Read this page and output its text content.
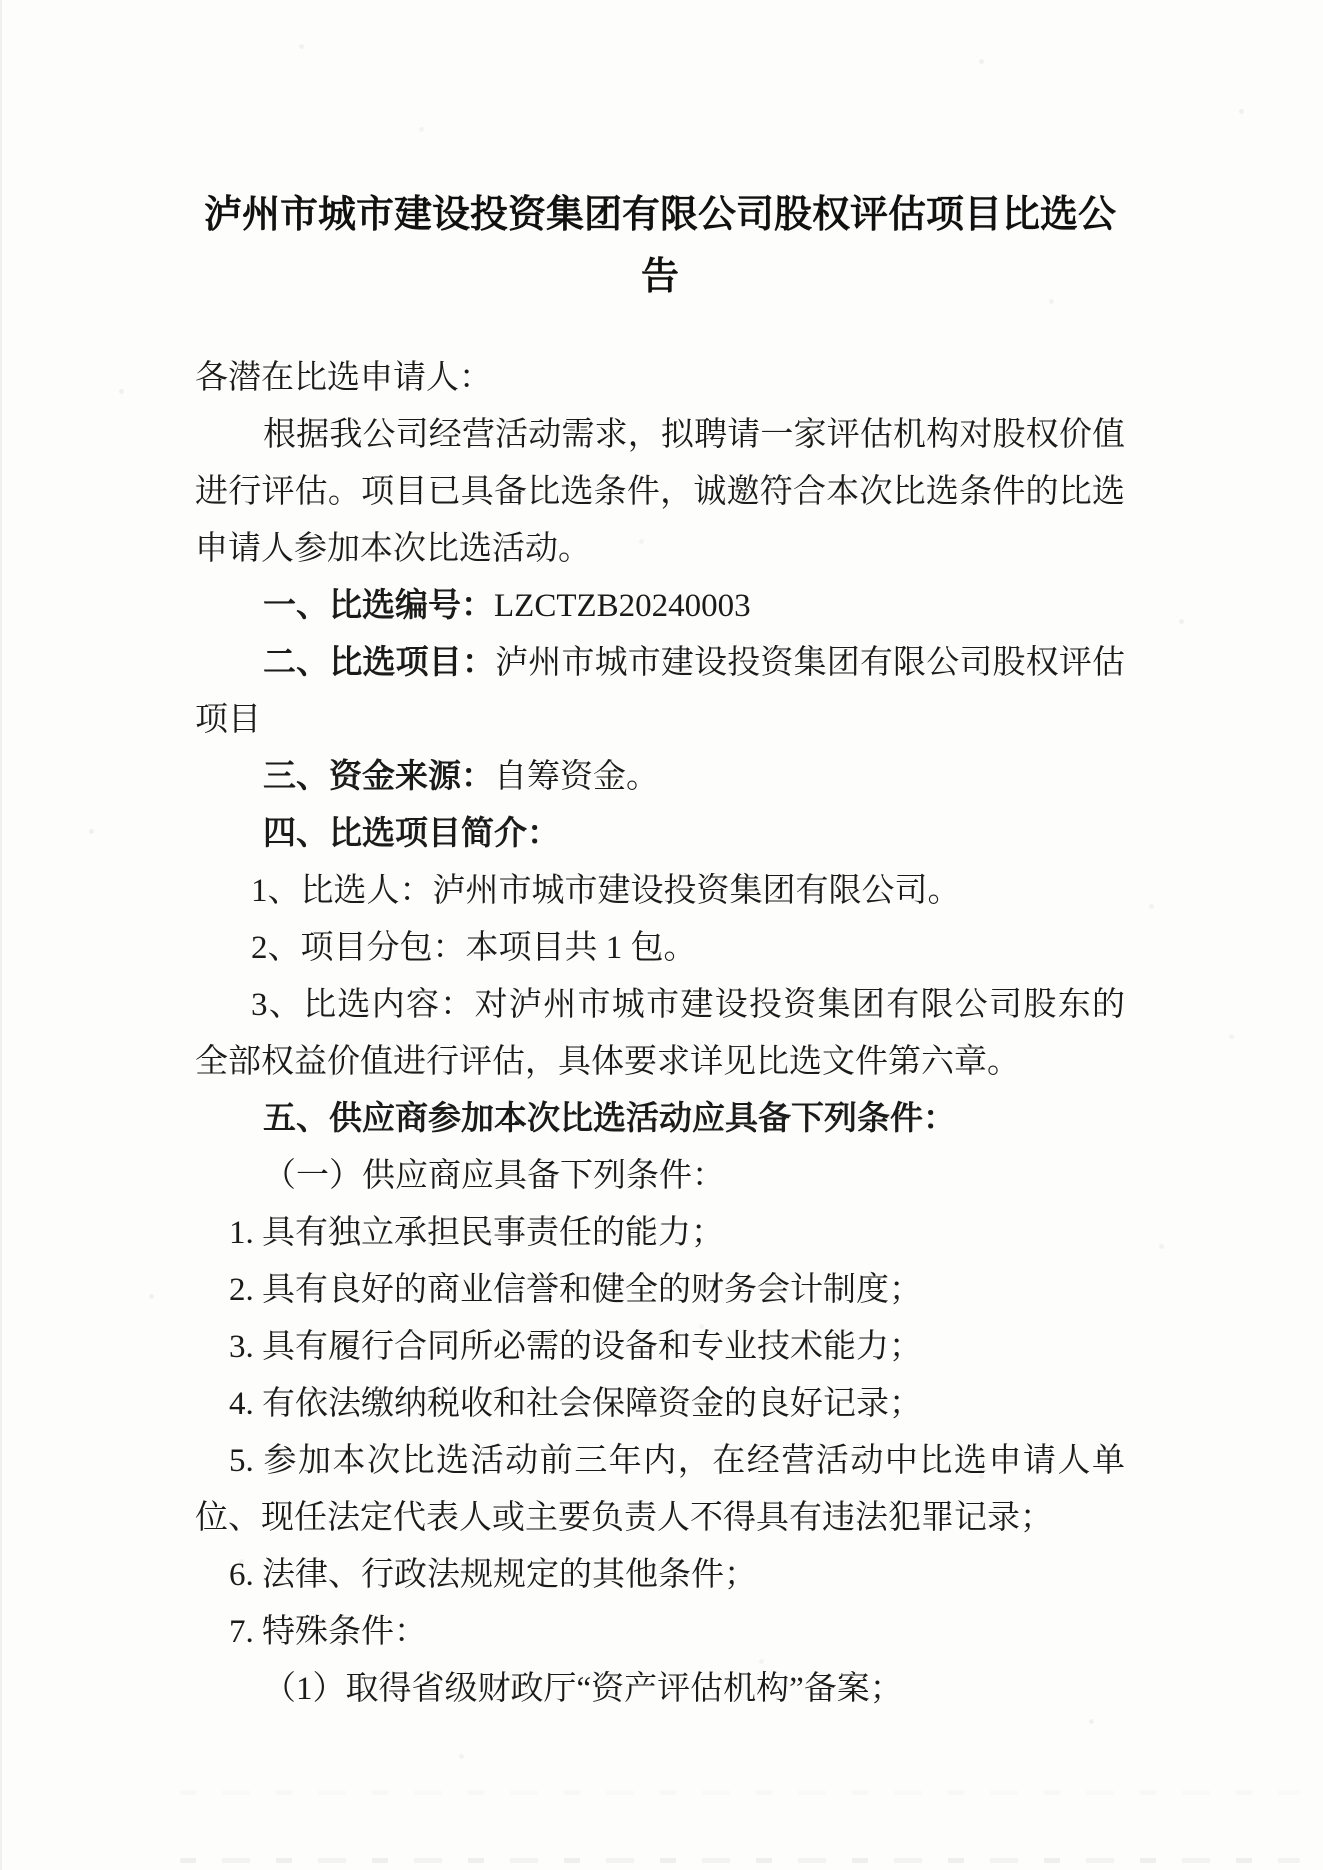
泸州市城市建设投资集团有限公司股权评估项目比选公告
各潜在比选申请人：
根据我公司经营活动需求，拟聘请一家评估机构对股权价值
进行评估。项目已具备比选条件，诚邀符合本次比选条件的比选
申请人参加本次比选活动。
一、比选编号：LZCTZB20240003
二、比选项目：泸州市城市建设投资集团有限公司股权评估
项目
三、资金来源：自筹资金。
四、比选项目简介：
1、比选人：泸州市城市建设投资集团有限公司。
2、项目分包：本项目共 1 包。
3、比选内容：对泸州市城市建设投资集团有限公司股东的
全部权益价值进行评估，具体要求详见比选文件第六章。
五、供应商参加本次比选活动应具备下列条件：
（一）供应商应具备下列条件：
1. 具有独立承担民事责任的能力；
2. 具有良好的商业信誉和健全的财务会计制度；
3. 具有履行合同所必需的设备和专业技术能力；
4. 有依法缴纳税收和社会保障资金的良好记录；
5. 参加本次比选活动前三年内，在经营活动中比选申请人单
位、现任法定代表人或主要负责人不得具有违法犯罪记录；
6. 法律、行政法规规定的其他条件；
7. 特殊条件：
（1）取得省级财政厅“资产评估机构”备案；
